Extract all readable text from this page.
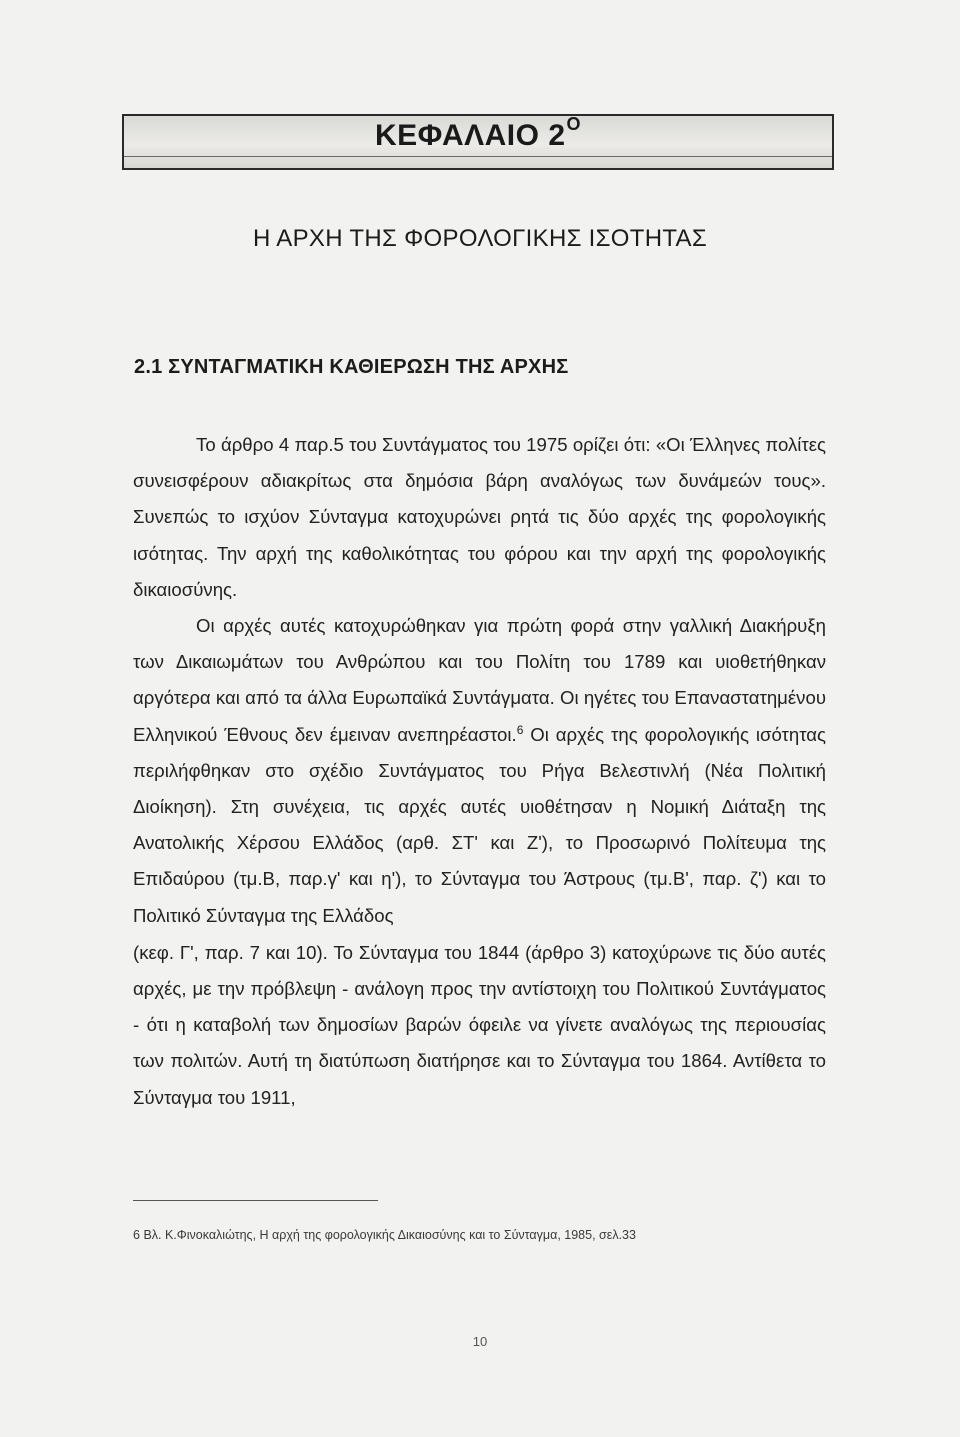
ΚΕΦΑΛΑΙΟ $2^O$
Η ΑΡΧΗ ΤΗΣ ΦΟΡΟΛΟΓΙΚΗΣ ΙΣΟΤΗΤΑΣ
2.1 ΣΥΝΤΑΓΜΑΤΙΚΗ ΚΑΘΙΕΡΩΣΗ ΤΗΣ ΑΡΧΗΣ

Το άρθρο 4 παρ.5 του Συντάγματος του 1975 ορίζει ότι: «Οι Έλληνες πολίτες συνεισφέρουν αδιακρίτως στα δημόσια βάρη αναλόγως των δυνάμεών τους». Συνεπώς το ισχύον Σύνταγμα κατοχυρώνει ρητά τις δύο αρχές της φορολογικής ισότητας. Την αρχή της καθολικότητας του φόρου και την αρχή της φορολογικής δικαιοσύνης.

Οι αρχές αυτές κατοχυρώθηκαν για πρώτη φορά στην γαλλική Διακήρυξη των Δικαιωμάτων του Ανθρώπου και του Πολίτη του 1789 και υιοθετήθηκαν αργότερα και από τα άλλα Ευρωπαϊκά Συντάγματα. Οι ηγέτες του Επαναστατημένου Ελληνικού Έθνους δεν έμειναν ανεπηρέαστοι.$^6$ Οι αρχές της φορολογικής ισότητας περιλήφθηκαν στο σχέδιο Συντάγματος του Ρήγα Βελεστινλή (Νέα Πολιτική Διοίκηση). Στη συνέχεια, τις αρχές αυτές υιοθέτησαν η Νομική Διάταξη της Ανατολικής Χέρσου Ελλάδος (αρθ. ΣΤ' και Ζ'), το Προσωρινό Πολίτευμα της Επιδαύρου (τμ.Β, παρ.γ' και η'), το Σύνταγμα του Άστρους (τμ.Β', παρ. ζ') και το Πολιτικό Σύνταγμα της Ελλάδος

(κεφ. Γ', παρ. 7 και 10). Το Σύνταγμα του 1844 (άρθρο 3) κατοχύρωνε τις δύο αυτές αρχές, με την πρόβλεψη - ανάλογη προς την αντίστοιχη του Πολιτικού Συντάγματος - ότι η καταβολή των δημοσίων βαρών όφειλε να γίνετε αναλόγως της περιουσίας των πολιτών. Αυτή τη διατύπωση διατήρησε και το Σύνταγμα του 1864. Αντίθετα το Σύνταγμα του 1911,

6 Βλ. Κ.Φινοκαλιώτης, Η αρχή της φορολογικής Δικαιοσύνης και το Σύνταγμα, 1985, σελ.33
10
